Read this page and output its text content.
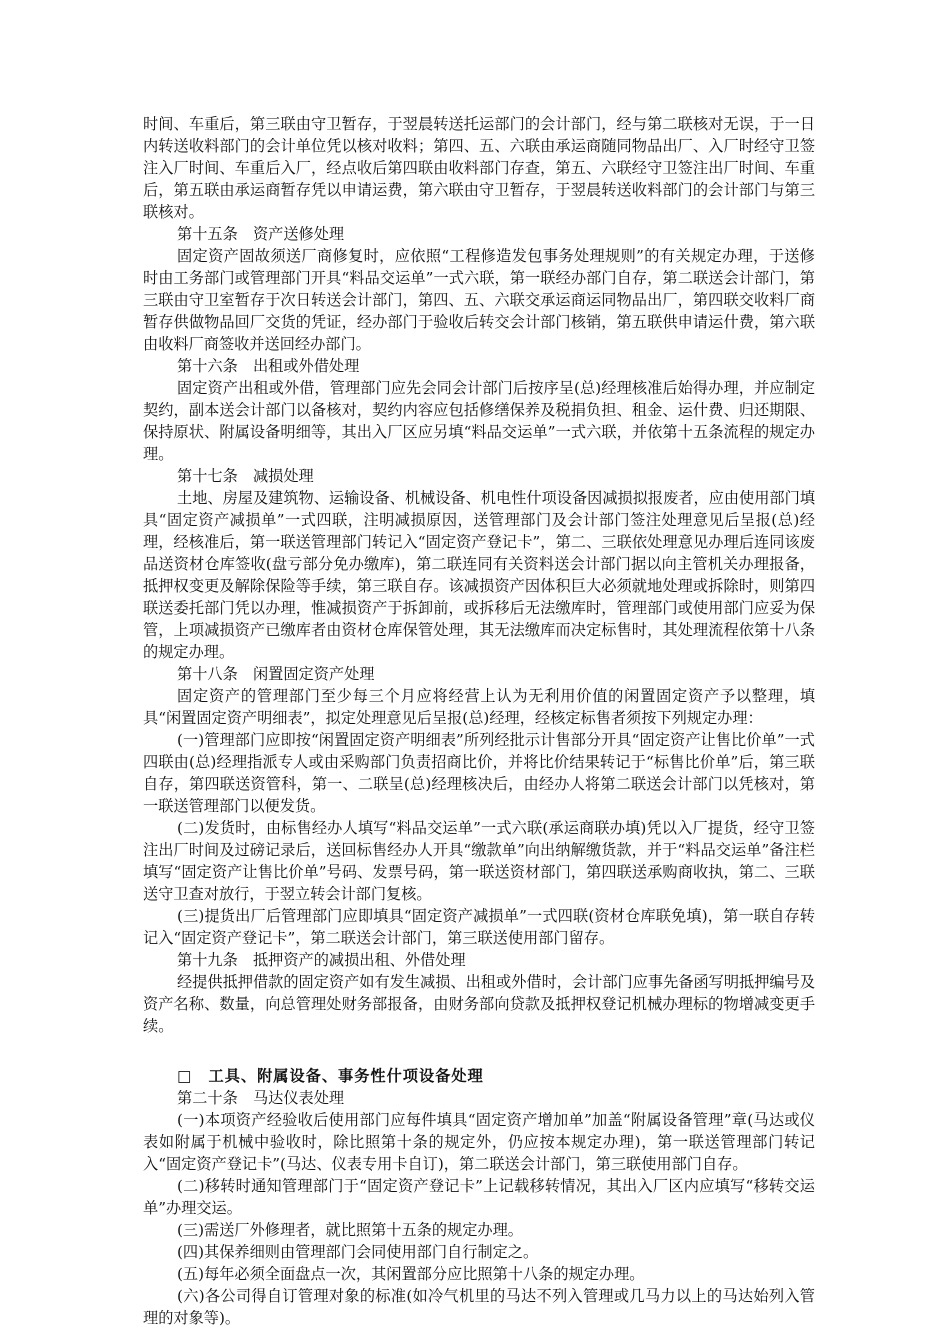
时间、车重后，第三联由守卫暂存，于翌晨转送托运部门的会计部门，经与第二联核对无误，于一日内转送收料部门的会计单位凭以核对收料；第四、五、六联由承运商随同物品出厂、入厂时经守卫签注入厂时间、车重后入厂，经点收后第四联由收料部门存查，第五、六联经守卫签注出厂时间、车重后，第五联由承运商暂存凭以申请运费，第六联由守卫暂存，于翌晨转送收料部门的会计部门与第三联核对。

第十五条　资产送修处理

固定资产固故须送厂商修复时，应依照“工程修造发包事务处理规则”的有关规定办理，于送修时由工务部门或管理部门开具“料品交运单”一式六联，第一联经办部门自存，第二联送会计部门，第三联由守卫室暂存于次日转送会计部门，第四、五、六联交承运商运同物品出厂，第四联交收料厂商暂存供做物品回厂交货的凭证，经办部门于验收后转交会计部门核销，第五联供申请运什费，第六联由收料厂商签收并送回经办部门。

第十六条　出租或外借处理

固定资产出租或外借，管理部门应先会同会计部门后按序呈(总)经理核准后始得办理，并应制定契约，副本送会计部门以备核对，契约内容应包括修缮保养及税捐负担、租金、运什费、归还期限、保持原状、附属设备明细等，其出入厂区应另填“料品交运单”一式六联，并依第十五条流程的规定办理。

第十七条　减损处理

土地、房屋及建筑物、运输设备、机械设备、机电性什项设备因减损拟报废者，应由使用部门填具“固定资产减损单”一式四联，注明减损原因，送管理部门及会计部门签注处理意见后呈报(总)经理，经核准后，第一联送管理部门转记入“固定资产登记卡”，第二、三联依处理意见办理后连同该废品送资材仓库签收(盘亏部分免办缴库)，第二联连同有关资料送会计部门据以向主管机关办理报备，抵押权变更及解除保险等手续，第三联自存。该减损资产因体积巨大必须就地处理或拆除时，则第四联送委托部门凭以办理，惟减损资产于拆卸前，或拆移后无法缴库时，管理部门或使用部门应妥为保管，上项减损资产已缴库者由资材仓库保管处理，其无法缴库而决定标售时，其处理流程依第十八条的规定办理。

第十八条　闲置固定资产处理

固定资产的管理部门至少每三个月应将经营上认为无利用价值的闲置固定资产予以整理，填具“闲置固定资产明细表”，拟定处理意见后呈报(总)经理，经核定标售者须按下列规定办理：

(一)管理部门应即按“闲置固定资产明细表”所列经批示计售部分开具“固定资产让售比价单”一式四联由(总)经理指派专人或由采购部门负责招商比价，并将比价结果转记于“标售比价单”后，第三联自存，第四联送资管科，第一、二联呈(总)经理核决后，由经办人将第二联送会计部门以凭核对，第一联送管理部门以便发货。

(二)发货时，由标售经办人填写“料品交运单”一式六联(承运商联办填)凭以入厂提货，经守卫签注出厂时间及过磅记录后，送回标售经办人开具“缴款单”向出纳解缴货款，并于“料品交运单”备注栏填写“固定资产让售比价单”号码、发票号码，第一联送资材部门，第四联送承购商收执，第二、三联送守卫查对放行，于翌立转会计部门复核。

(三)提货出厂后管理部门应即填具“固定资产减损单”一式四联(资材仓库联免填)，第一联自存转记入“固定资产登记卡”，第二联送会计部门，第三联送使用部门留存。

第十九条　抵押资产的减损出租、外借处理

经提供抵押借款的固定资产如有发生减损、出租或外借时，会计部门应事先备函写明抵押编号及资产名称、数量，向总管理处财务部报备，由财务部向贷款及抵押权登记机械办理标的物增减变更手续。

□　工具、附属设备、事务性什项设备处理

第二十条　马达仪表处理

(一)本项资产经验收后使用部门应每件填具“固定资产增加单”加盖“附属设备管理”章(马达或仪表如附属于机械中验收时，除比照第十条的规定外，仍应按本规定办理)，第一联送管理部门转记入“固定资产登记卡”(马达、仪表专用卡自订)，第二联送会计部门，第三联使用部门自存。

(二)移转时通知管理部门于“固定资产登记卡”上记载移转情况，其出入厂区内应填写“移转交运单”办理交运。

(三)需送厂外修理者，就比照第十五条的规定办理。

(四)其保养细则由管理部门会同使用部门自行制定之。

(五)每年必须全面盘点一次，其闲置部分应比照第十八条的规定办理。

(六)各公司得自订管理对象的标准(如冷气机里的马达不列入管理或几马力以上的马达始列入管理的对象等)。
